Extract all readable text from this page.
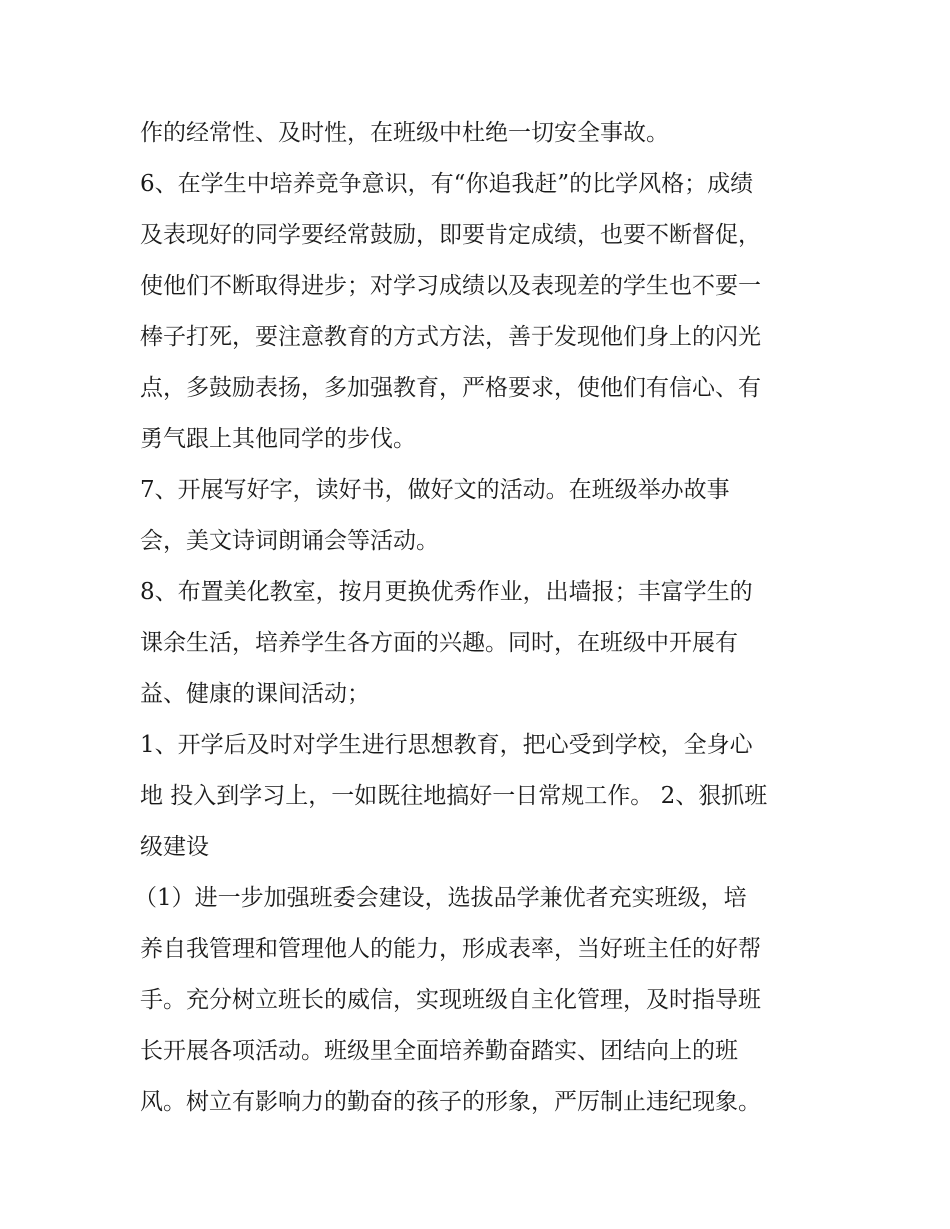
作的经常性、及时性，在班级中杜绝一切安全事故。
6、在学生中培养竞争意识，有“你追我赶”的比学风格；成绩
及表现好的同学要经常鼓励，即要肯定成绩，也要不断督促，
使他们不断取得进步；对学习成绩以及表现差的学生也不要一
棒子打死，要注意教育的方式方法，善于发现他们身上的闪光
点，多鼓励表扬，多加强教育，严格要求，使他们有信心、有
勇气跟上其他同学的步伐。
7、开展写好字，读好书，做好文的活动。在班级举办故事
会，美文诗词朗诵会等活动。
8、布置美化教室，按月更换优秀作业，出墙报；丰富学生的
课余生活，培养学生各方面的兴趣。同时，在班级中开展有
益、健康的课间活动；
1、开学后及时对学生进行思想教育，把心受到学校，全身心
地 投入到学习上，一如既往地搞好一日常规工作。 2、狠抓班
级建设
（1）进一步加强班委会建设，选拔品学兼优者充实班级，培
养自我管理和管理他人的能力，形成表率，当好班主任的好帮
手。充分树立班长的威信，实现班级自主化管理，及时指导班
长开展各项活动。班级里全面培养勤奋踏实、团结向上的班
风。树立有影响力的勤奋的孩子的形象，严厉制止违纪现象。
